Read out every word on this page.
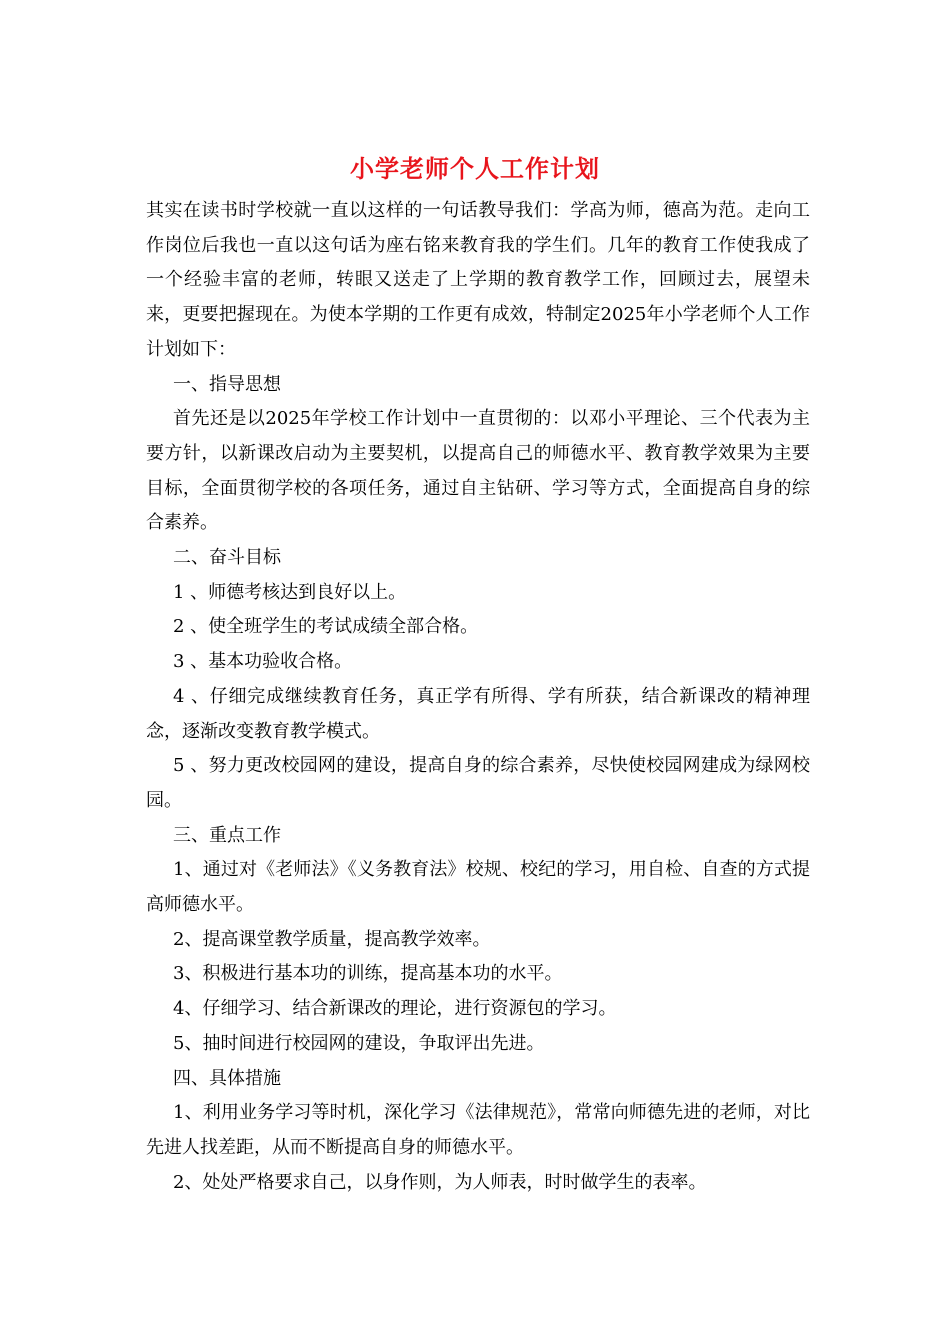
小学老师个人工作计划

其实在读书时学校就一直以这样的一句话教导我们：学高为师，德高为范。走向工作岗位后我也一直以这句话为座右铭来教育我的学生们。几年的教育工作使我成了一个经验丰富的老师，转眼又送走了上学期的教育教学工作，回顾过去，展望未来，更要把握现在。为使本学期的工作更有成效，特制定2025年小学老师个人工作计划如下：

一、指导思想

首先还是以2025年学校工作计划中一直贯彻的：以邓小平理论、三个代表为主要方针，以新课改启动为主要契机，以提高自己的师德水平、教育教学效果为主要目标，全面贯彻学校的各项任务，通过自主钻研、学习等方式，全面提高自身的综合素养。

二、奋斗目标

1 、师德考核达到良好以上。

2 、使全班学生的考试成绩全部合格。

3 、基本功验收合格。

4 、仔细完成继续教育任务，真正学有所得、学有所获，结合新课改的精神理念，逐渐改变教育教学模式。

5 、努力更改校园网的建设，提高自身的综合素养，尽快使校园网建成为绿网校园。

三、重点工作

1、通过对《老师法》《义务教育法》校规、校纪的学习，用自检、自查的方式提高师德水平。

2、提高课堂教学质量，提高教学效率。

3、积极进行基本功的训练，提高基本功的水平。

4、仔细学习、结合新课改的理论，进行资源包的学习。

5、抽时间进行校园网的建设，争取评出先进。

四、具体措施

1、利用业务学习等时机，深化学习《法律规范》，常常向师德先进的老师，对比先进人找差距，从而不断提高自身的师德水平。

2、处处严格要求自己，以身作则，为人师表，时时做学生的表率。
